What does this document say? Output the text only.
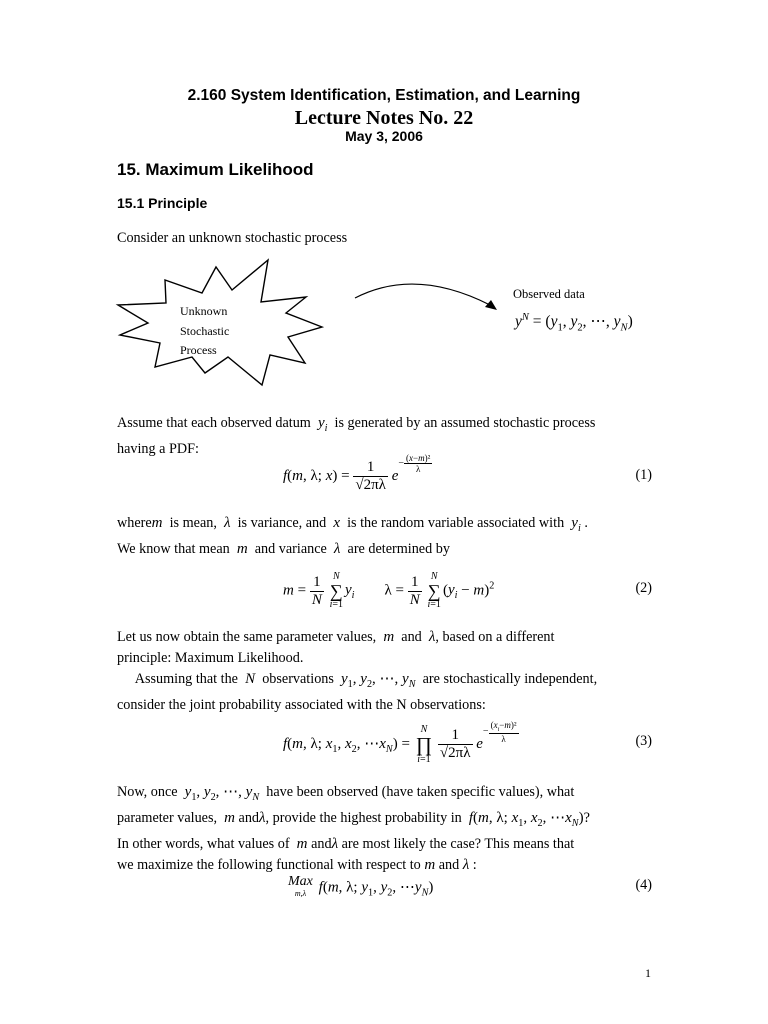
2.160 System Identification, Estimation, and Learning
Lecture Notes No. 22
May 3, 2006
15. Maximum Likelihood
15.1 Principle
Consider an unknown stochastic process
Unknown
Stochastic
Process
Observed data
$y^N = (y_1$, $y_2$, ⋯, $y_N$)
Assume that each observed datum $y_i$ is generated by an assumed stochastic process
having a PDF:
f(m, λ; $x) = \frac{1}{√2\pi\lambda} e^{- \frac{\text{(x−m)²}}{\lambda}}$
(1)
wherem is mean, λ is variance, and x is the random variable associated with $y_i$ .
We know that mean m and variance λ are determined by
$m = \frac{1}{N}$
N
∑
i=1
$y_i$        $\lambda = \frac{1}{N}$
N
∑
i=1
$(y_i - m)^2$	(2)
Let us now obtain the same parameter values, m and λ, based on a different
principle: Maximum Likelihood.
Assuming that the N observations $y_1$, $y_2$, ⋯, $y_N$ are stochastically independent,
consider the joint probability associated with the N observations:
f(m, λ; $x_1$, $x_2$, $\cdots x_N$) =
N
∏
i=1
$\frac{1}{√2\pi\lambda} e^{- \frac{(x_i-m)^2}{\lambda}}$	(3)
Now, once $y_1$, $y_2$, ⋯, $y_N$ have been observed (have taken specific values), what
parameter values, m andλ, provide the highest probability in f(m, λ; $x_1$, $x_2$, $\cdots x_N$)?
In other words, what values of m andλ are most likely the case? This means that
we maximize the following functional with respect to m and λ :
Max
m,λ f(m, λ; $y_1$, $y_2$, $\cdots y_N$)	(4)
1
